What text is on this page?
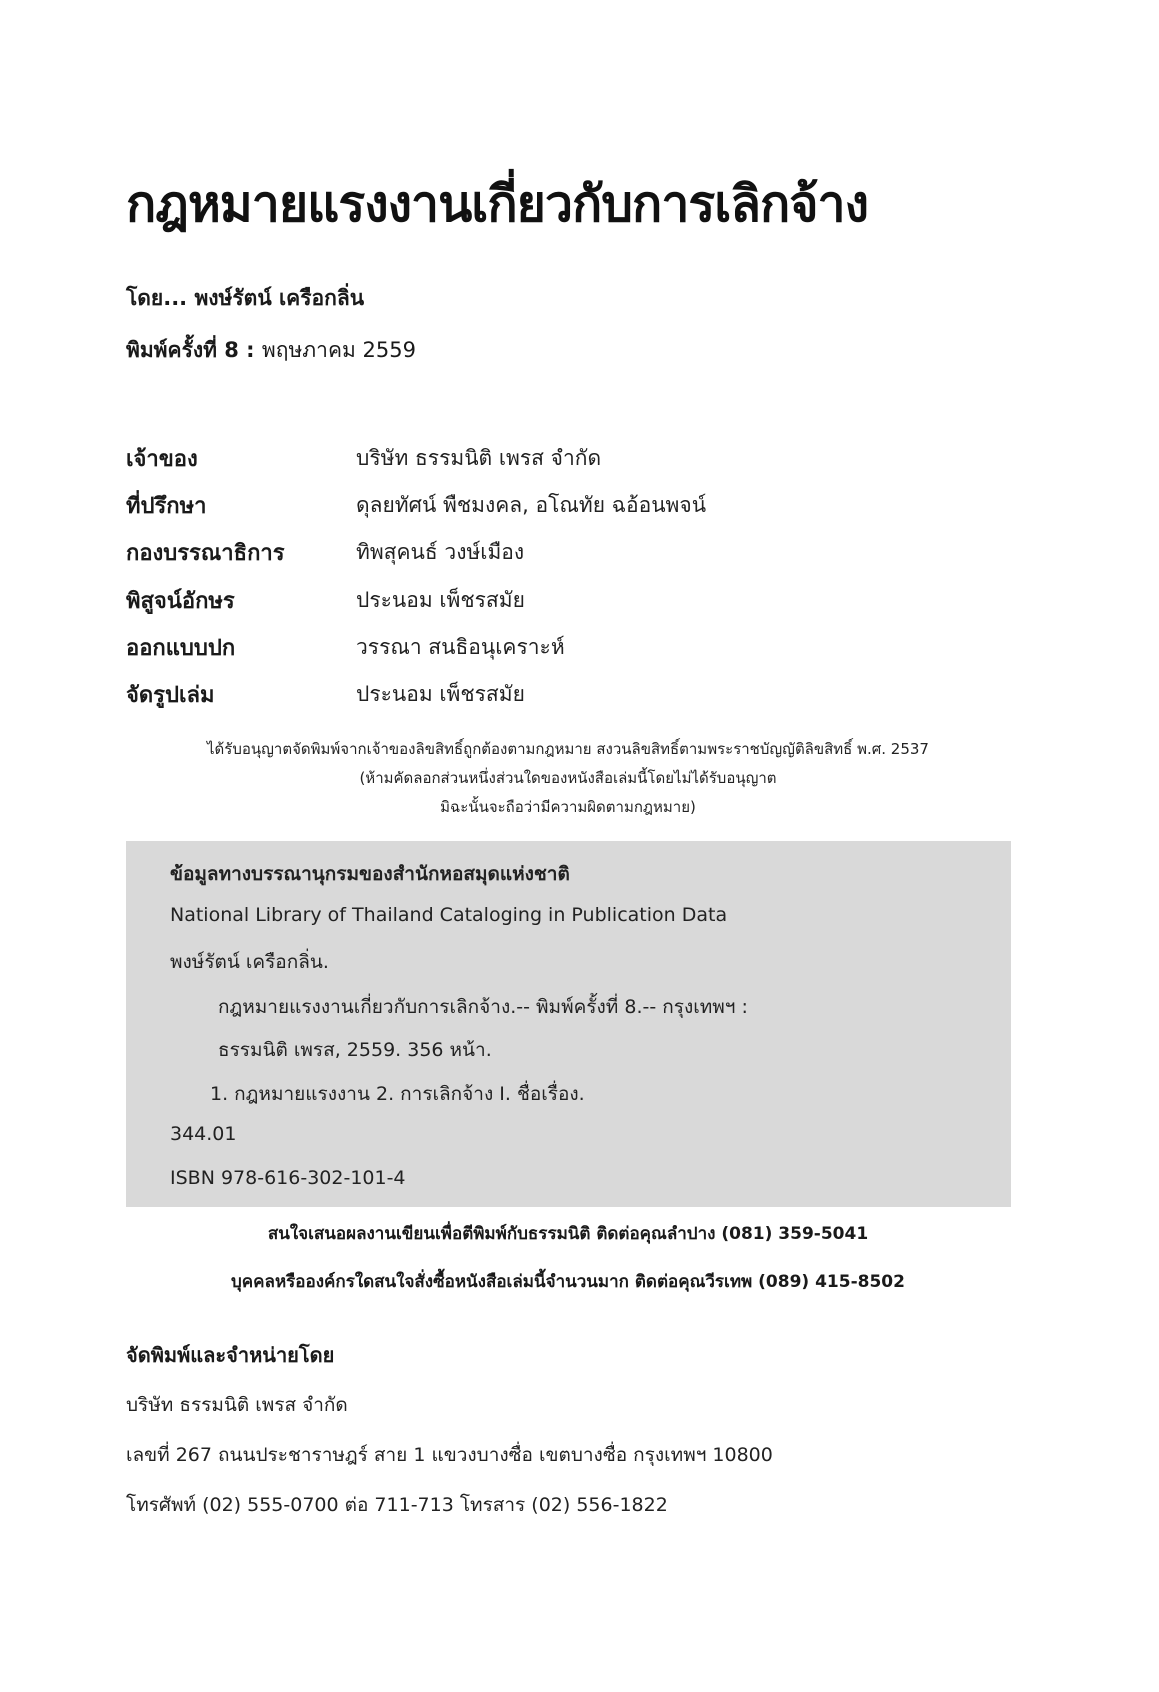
กฎหมายแรงงานเกี่ยวกับการเลิกจ้าง
โดย... พงษ์รัตน์ เครือกลิ่น
พิมพ์ครั้งที่ 8 : พฤษภาคม 2559
เจ้าของ	บริษัท ธรรมนิติ เพรส จำกัด
ที่ปรึกษา	ดุลยทัศน์ พืชมงคล, อโณทัย ฉอ้อนพจน์
กองบรรณาธิการ	ทิพสุคนธ์ วงษ์เมือง
พิสูจน์อักษร	ประนอม เพ็ชรสมัย
ออกแบบปก	วรรณา สนธิอนุเคราะห์
จัดรูปเล่ม	ประนอม เพ็ชรสมัย
ได้รับอนุญาตจัดพิมพ์จากเจ้าของลิขสิทธิ์ถูกต้องตามกฎหมาย สงวนลิขสิทธิ์ตามพระราชบัญญัติลิขสิทธิ์ พ.ศ. 2537
(ห้ามคัดลอกส่วนหนึ่งส่วนใดของหนังสือเล่มนี้โดยไม่ได้รับอนุญาต
มิฉะนั้นจะถือว่ามีความผิดตามกฎหมาย)
ข้อมูลทางบรรณานุกรมของสำนักหอสมุดแห่งชาติ
National Library of Thailand Cataloging in Publication Data
พงษ์รัตน์ เครือกลิ่น.
กฎหมายแรงงานเกี่ยวกับการเลิกจ้าง.-- พิมพ์ครั้งที่ 8.-- กรุงเทพฯ :
ธรรมนิติ เพรส, 2559. 356 หน้า.
1. กฎหมายแรงงาน 2. การเลิกจ้าง I. ชื่อเรื่อง.
344.01
ISBN 978-616-302-101-4
สนใจเสนอผลงานเขียนเพื่อตีพิมพ์กับธรรมนิติ ติดต่อคุณลำปาง (081) 359-5041
บุคคลหรือองค์กรใดสนใจสั่งซื้อหนังสือเล่มนี้จำนวนมาก ติดต่อคุณวีรเทพ (089) 415-8502
จัดพิมพ์และจำหน่ายโดย
บริษัท ธรรมนิติ เพรส จำกัด
เลขที่ 267 ถนนประชาราษฎร์ สาย 1 แขวงบางซื่อ เขตบางซื่อ กรุงเทพฯ 10800
โทรศัพท์ (02) 555-0700 ต่อ 711-713 โทรสาร (02) 556-1822
